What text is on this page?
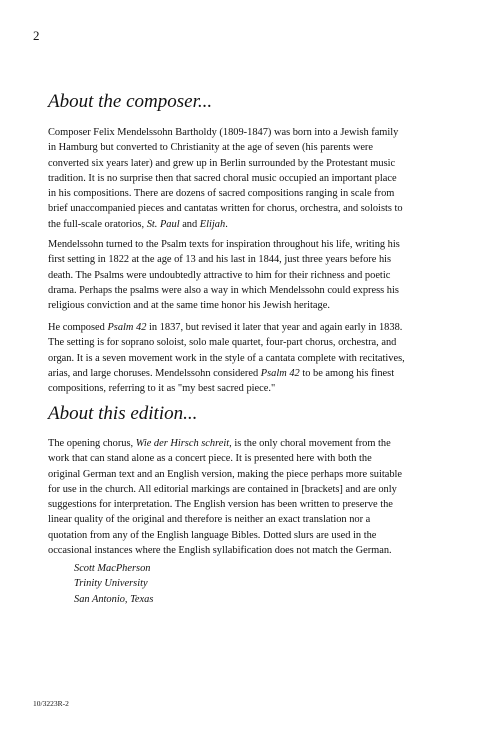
2
About the composer...
Composer Felix Mendelssohn Bartholdy (1809-1847) was born into a Jewish family
in Hamburg but converted to Christianity at the age of seven (his parents were
converted six years later) and grew up in Berlin surrounded by the Protestant music
tradition. It is no surprise then that sacred choral music occupied an important place
in his compositions. There are dozens of sacred compositions ranging in scale from
brief unaccompanied pieces and cantatas written for chorus, orchestra, and soloists to
the full-scale oratorios, St. Paul and Elijah.
Mendelssohn turned to the Psalm texts for inspiration throughout his life, writing his
first setting in 1822 at the age of 13 and his last in 1844, just three years before his
death. The Psalms were undoubtedly attractive to him for their richness and poetic
drama. Perhaps the psalms were also a way in which Mendelssohn could express his
religious conviction and at the same time honor his Jewish heritage.
He composed Psalm 42 in 1837, but revised it later that year and again early in 1838.
The setting is for soprano soloist, solo male quartet, four-part chorus, orchestra, and
organ. It is a seven movement work in the style of a cantata complete with recitatives,
arias, and large choruses. Mendelssohn considered Psalm 42 to be among his finest
compositions, referring to it as "my best sacred piece."
About this edition...
The opening chorus, Wie der Hirsch schreit, is the only choral movement from the
work that can stand alone as a concert piece. It is presented here with both the
original German text and an English version, making the piece perhaps more suitable
for use in the church. All editorial markings are contained in [brackets] and are only
suggestions for interpretation. The English version has been written to preserve the
linear quality of the original and therefore is neither an exact translation nor a
quotation from any of the English language Bibles. Dotted slurs are used in the
occasional instances where the English syllabification does not match the German.
Scott MacPherson
Trinity University
San Antonio, Texas
10/3223R-2
